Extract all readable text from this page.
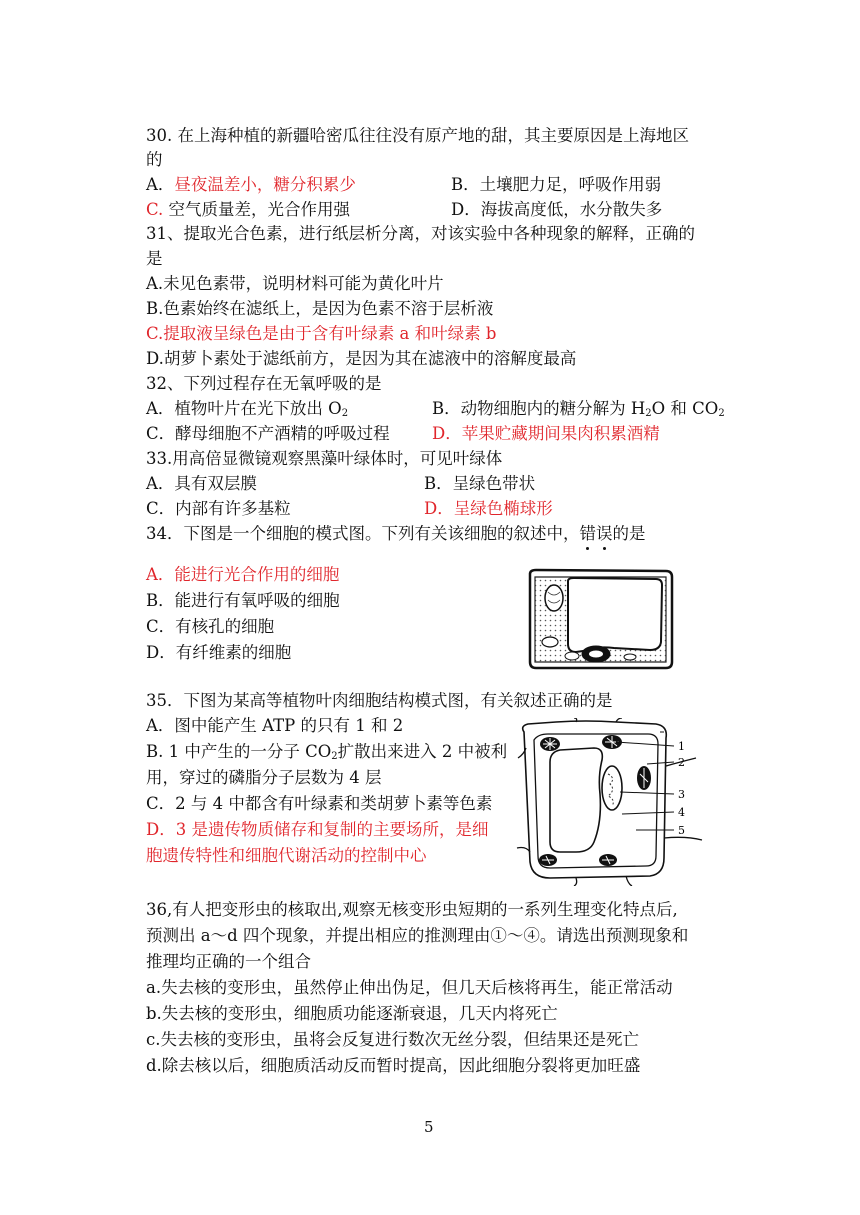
30. 在上海种植的新疆哈密瓜往往没有原产地的甜，其主要原因是上海地区
的
A．昼夜温差小，糖分积累少	B．土壤肥力足，呼吸作用弱
C. 空气质量差，光合作用强	D．海拔高度低，水分散失多
31、提取光合色素，进行纸层析分离，对该实验中各种现象的解释，正确的
是
A.未见色素带，说明材料可能为黄化叶片
B.色素始终在滤纸上，是因为色素不溶于层析液
C.提取液呈绿色是由于含有叶绿素 a 和叶绿素 b
D.胡萝卜素处于滤纸前方，是因为其在滤液中的溶解度最高
32、下列过程存在无氧呼吸的是
A．植物叶片在光下放出 $O_2$	B．动物细胞内的糖分解为 $H_2O$ 和 $CO_2$
C．酵母细胞不产酒精的呼吸过程	D．苹果贮藏期间果肉积累酒精
33.用高倍显微镜观察黑藻叶绿体时，可见叶绿体
A．具有双层膜	B．呈绿色带状
C．内部有许多基粒	D．呈绿色椭球形
34．下图是一个细胞的模式图。下列有关该细胞的叙述中，错误
的是
A．能进行光合作用的细胞
B．能进行有氧呼吸的细胞
C．有核孔的细胞
D．有纤维素的细胞
35．下图为某高等植物叶肉细胞结构模式图，有关叙述正确的是
A．图中能产生 ATP 的只有 1 和 2
B. 1 中产生的一分子 $CO_2$扩散出来进入 2 中被利
用，穿过的磷脂分子层数为 4 层
C．2 与 4 中都含有叶绿素和类胡萝卜素等色素
D．3 是遗传物质储存和复制的主要场所，是细
胞遗传特性和细胞代谢活动的控制中心
1
2
3
4
5
36,有人把变形虫的核取出,观察无核变形虫短期的一系列生理变化特点后,
预测出 a～d 四个现象，并提出相应的推测理由①～④。请选出预测现象和
推理均正确的一个组合
a.失去核的变形虫，虽然停止伸出伪足，但几天后核将再生，能正常活动
b.失去核的变形虫，细胞质功能逐渐衰退，几天内将死亡
c.失去核的变形虫，虽将会反复进行数次无丝分裂，但结果还是死亡
d.除去核以后，细胞质活动反而暂时提高，因此细胞分裂将更加旺盛
5
